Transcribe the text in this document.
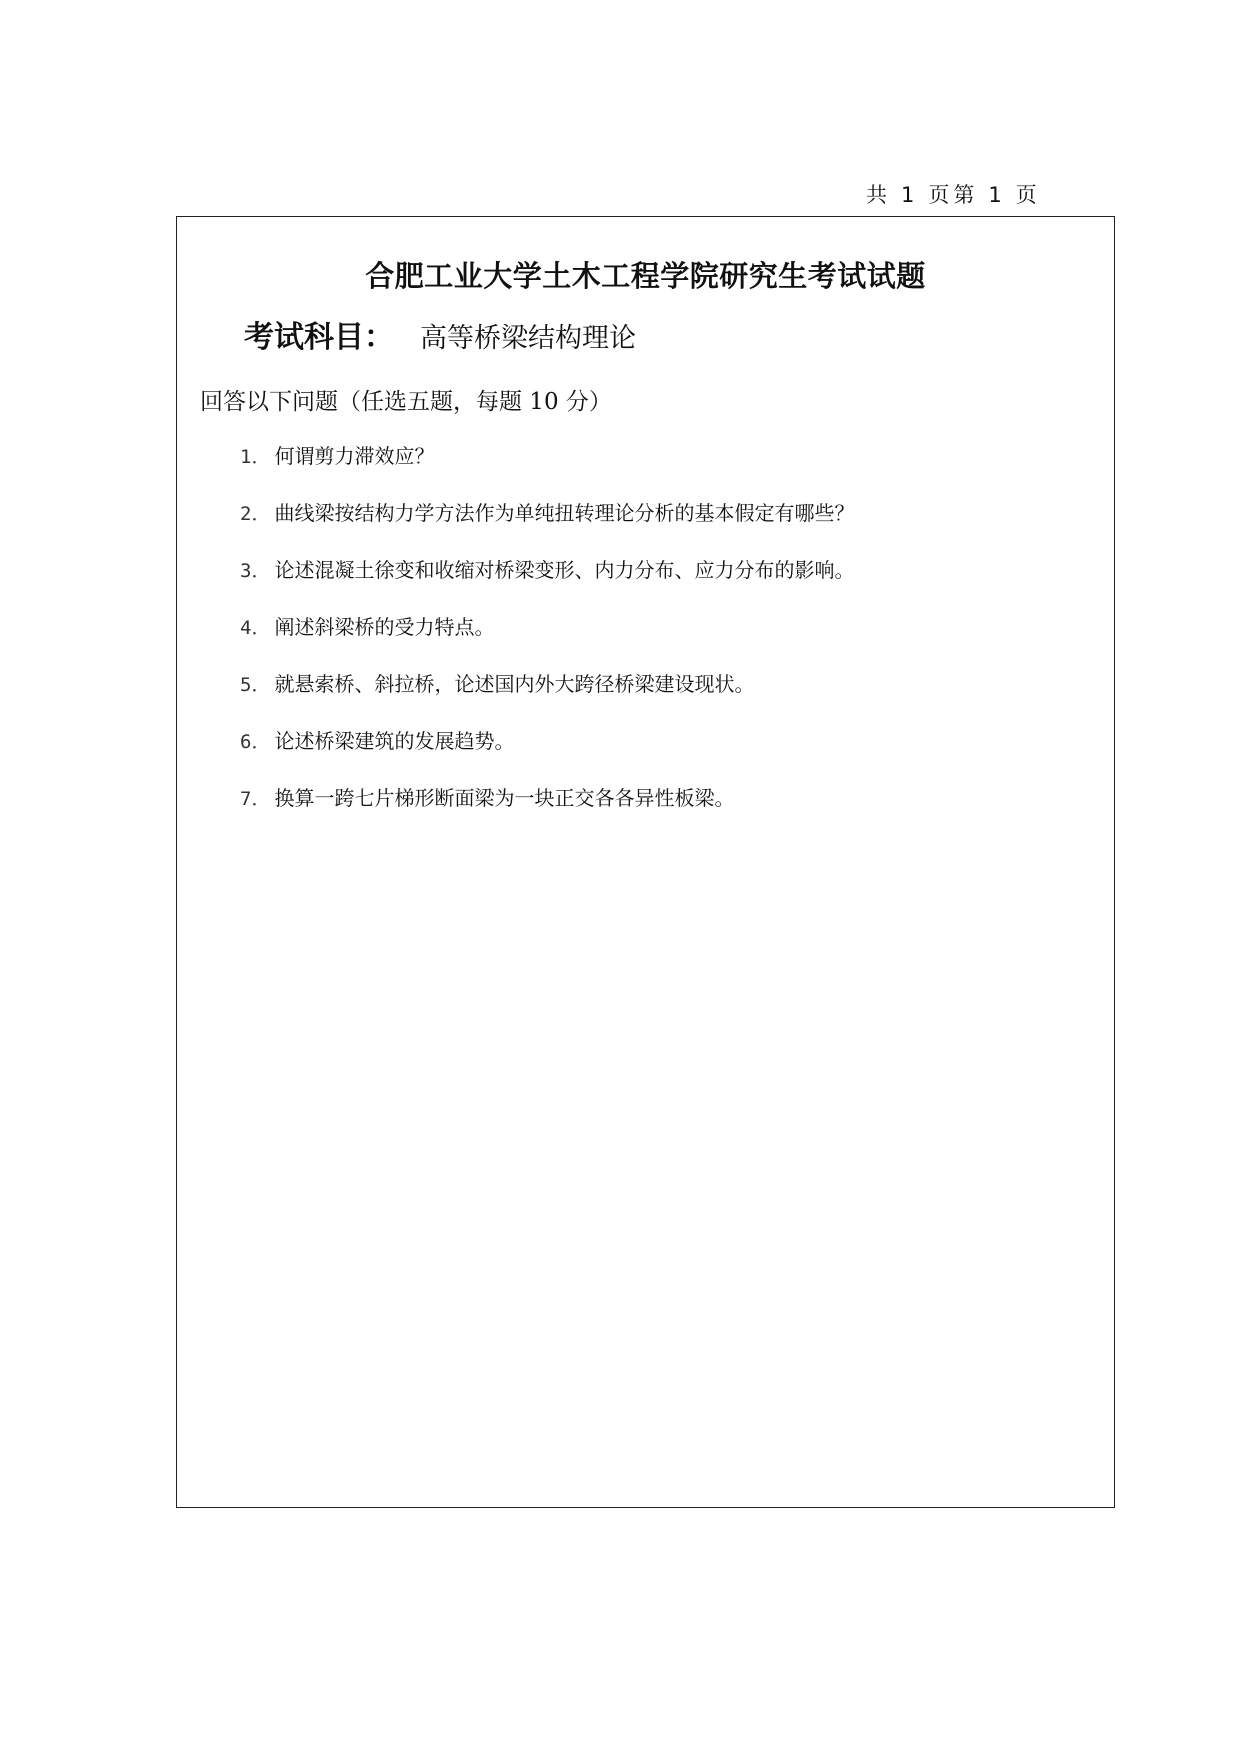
共 1 页 第 1 页
合肥工业大学土木工程学院研究生考试试题
考试科目： 高等桥梁结构理论
回答以下问题（任选五题，每题 10 分）
1． 何谓剪力滞效应？
2． 曲线梁按结构力学方法作为单纯扭转理论分析的基本假定有哪些？
3． 论述混凝土徐变和收缩对桥梁变形、内力分布、应力分布的影响。
4． 阐述斜梁桥的受力特点。
5． 就悬索桥、斜拉桥，论述国内外大跨径桥梁建设现状。
6． 论述桥梁建筑的发展趋势。
7． 换算一跨七片梯形断面梁为一块正交各各异性板梁。
